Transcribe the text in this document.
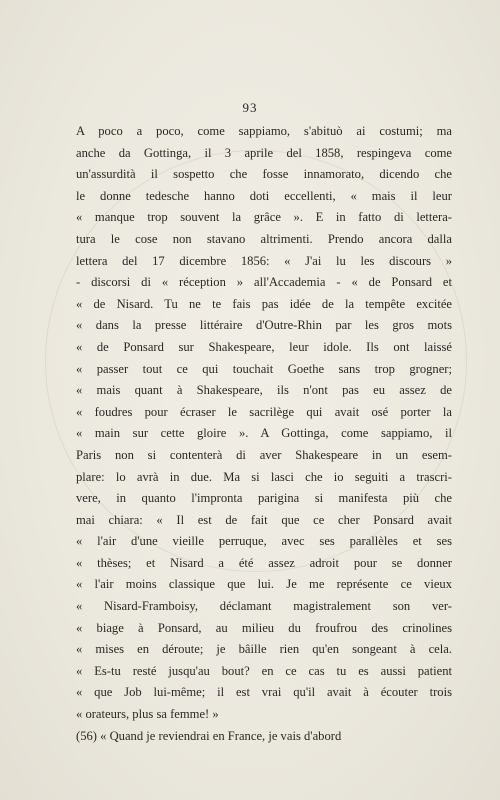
93
A poco a poco, come sappiamo, s'abituò ai costumi; ma
anche da Gottinga, il 3 aprile del 1858, respingeva come
un'assurdità il sospetto che fosse innamorato, dicendo che
le donne tedesche hanno doti eccellenti, « mais il leur
« manque trop souvent la grâce ». E in fatto di lettera-
tura le cose non stavano altrimenti. Prendo ancora dalla
lettera del 17 dicembre 1856: « J'ai lu les discours »
- discorsi di « réception » all'Accademia - « de Ponsard et
« de Nisard. Tu ne te fais pas idée de la tempête excitée
« dans la presse littéraire d'Outre-Rhin par les gros mots
« de Ponsard sur Shakespeare, leur idole. Ils ont laissé
« passer tout ce qui touchait Goethe sans trop grogner;
« mais quant à Shakespeare, ils n'ont pas eu assez de
« foudres pour écraser le sacrilège qui avait osé porter la
« main sur cette gloire ». A Gottinga, come sappiamo, il
Paris non si contenterà di aver Shakespeare in un esem-
plare: lo avrà in due. Ma si lasci che io seguiti a trascri-
vere, in quanto l'impronta parigina si manifesta più che
mai chiara: « Il est de fait que ce cher Ponsard avait
« l'air d'une vieille perruque, avec ses parallèles et ses
« thèses; et Nisard a été assez adroit pour se donner
« l'air moins classique que lui. Je me représente ce vieux
« Nisard-Framboisy, déclamant magistralement son ver-
« biage à Ponsard, au milieu du froufrou des crinolines
« mises en déroute; je bâille rien qu'en songeant à cela.
« Es-tu resté jusqu'au bout? en ce cas tu es aussi patient
« que Job lui-même; il est vrai qu'il avait à écouter trois
« orateurs, plus sa femme! »
(56) « Quand je reviendrai en France, je vais d'abord
